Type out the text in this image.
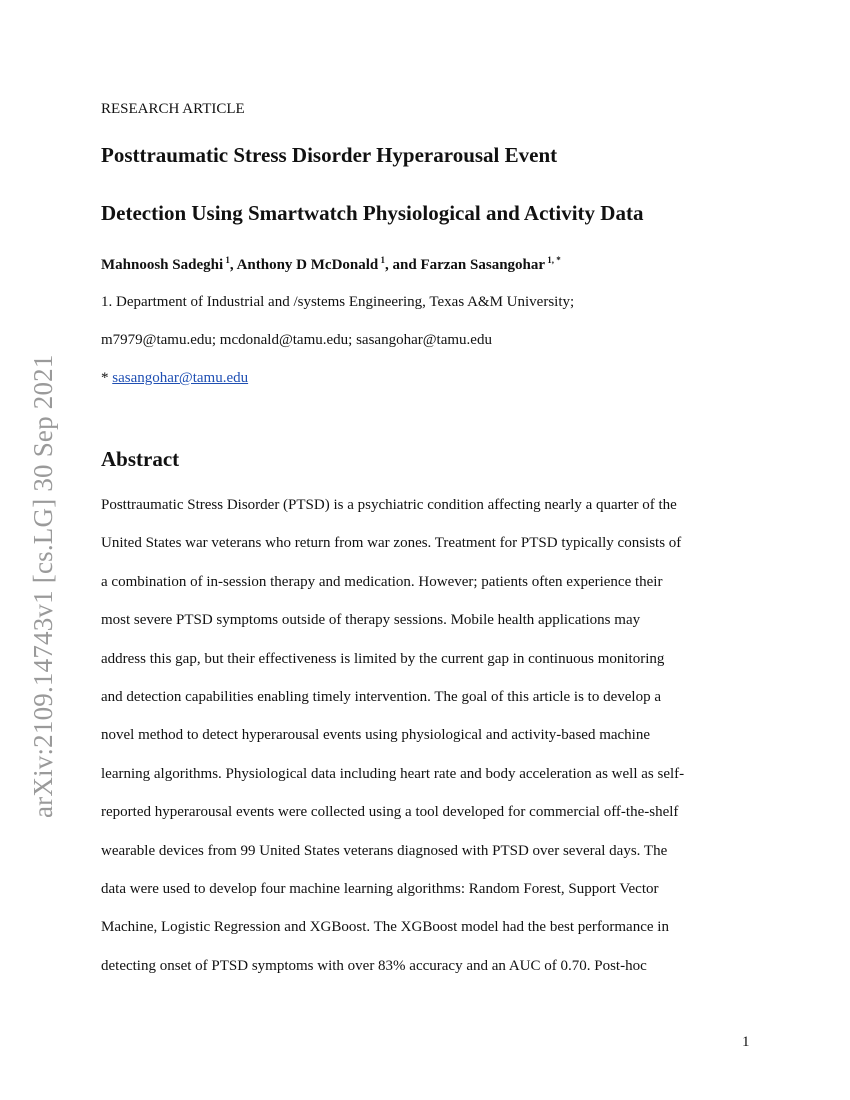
arXiv:2109.14743v1 [cs.LG] 30 Sep 2021
RESEARCH ARTICLE
Posttraumatic Stress Disorder Hyperarousal Event
Detection Using Smartwatch Physiological and Activity Data
Mahnoosh Sadeghi $^1$, Anthony D McDonald $^1$, and Farzan Sasangohar $^{1, *}$
1. Department of Industrial and /systems Engineering, Texas A&M University;
m7979@tamu.edu; mcdonald@tamu.edu; sasangohar@tamu.edu
* sasangohar@tamu.edu
Abstract
Posttraumatic Stress Disorder (PTSD) is a psychiatric condition affecting nearly a quarter of the
United States war veterans who return from war zones. Treatment for PTSD typically consists of
a combination of in-session therapy and medication. However; patients often experience their
most severe PTSD symptoms outside of therapy sessions. Mobile health applications may
address this gap, but their effectiveness is limited by the current gap in continuous monitoring
and detection capabilities enabling timely intervention. The goal of this article is to develop a
novel method to detect hyperarousal events using physiological and activity-based machine
learning algorithms. Physiological data including heart rate and body acceleration as well as self-
reported hyperarousal events were collected using a tool developed for commercial off-the-shelf
wearable devices from 99 United States veterans diagnosed with PTSD over several days. The
data were used to develop four machine learning algorithms: Random Forest, Support Vector
Machine, Logistic Regression and XGBoost. The XGBoost model had the best performance in
detecting onset of PTSD symptoms with over 83% accuracy and an AUC of 0.70. Post-hoc
1
